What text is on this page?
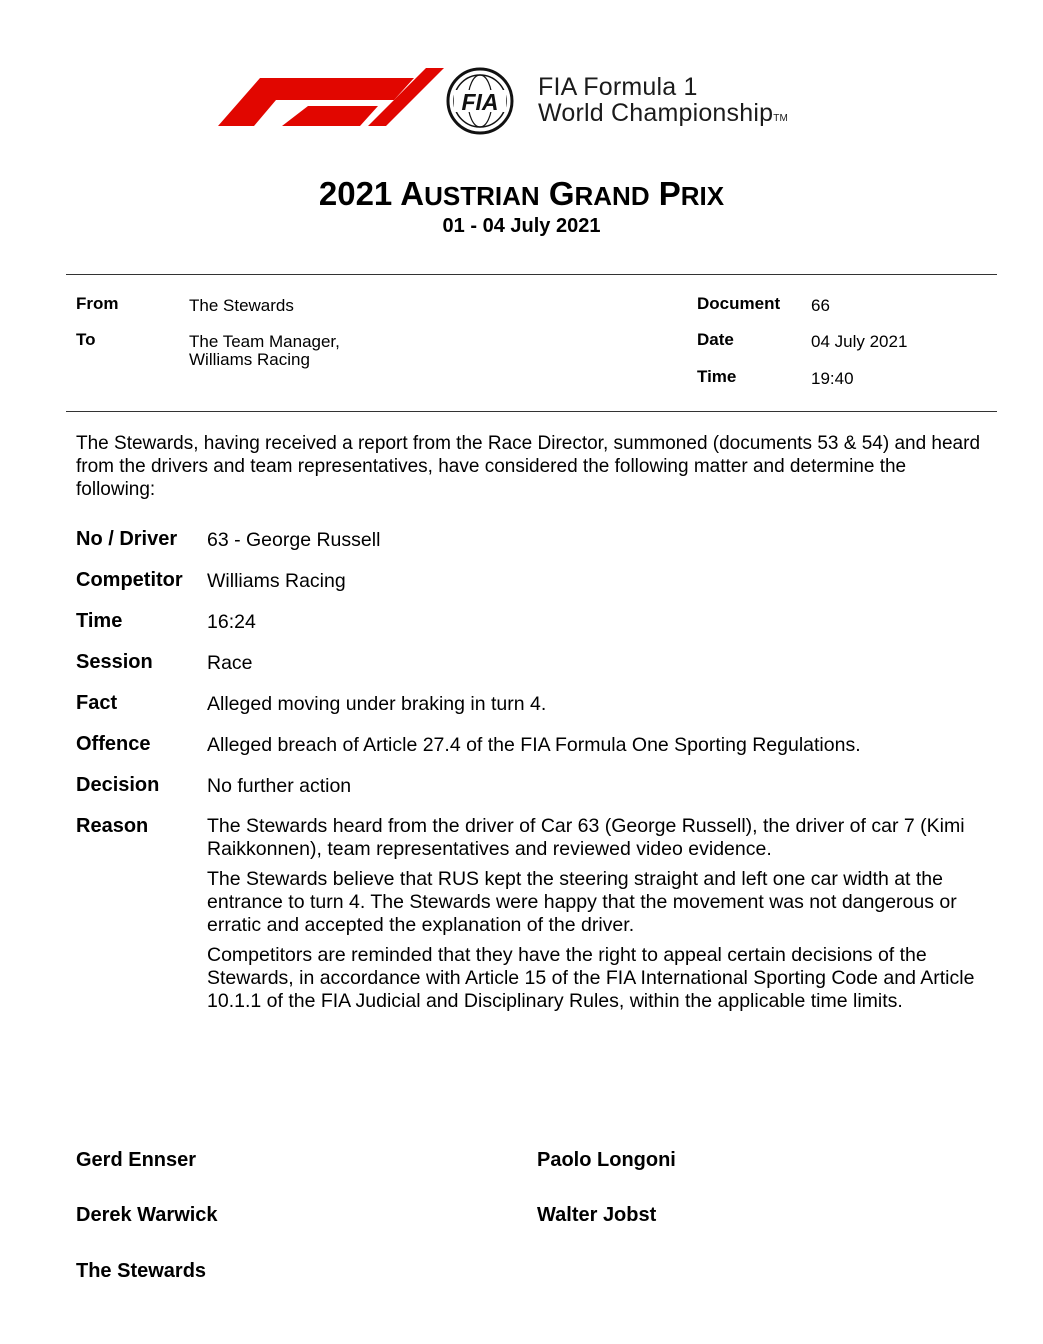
FIA
FIA Formula 1
World ChampionshipTM
2021 AUSTRIAN GRAND PRIX
01 - 04 July 2021
From	The Stewards
To	The Team Manager,
Williams Racing
Document 66
Date	04 July 2021
Time	19:40
The Stewards, having received a report from the Race Director, summoned (documents 53 & 54) and heard from the drivers and team representatives, have considered the following matter and determine the following:
No / Driver 63 - George Russell
Competitor Williams Racing
Time	16:24
Session	Race
Fact	Alleged moving under braking in turn 4.
Offence	Alleged breach of Article 27.4 of the FIA Formula One Sporting Regulations.
Decision No further action
Reason	The Stewards heard from the driver of Car 63 (George Russell), the driver of car 7 (Kimi Raikkonnen), team representatives and reviewed video evidence.

The Stewards believe that RUS kept the steering straight and left one car width at the entrance to turn 4. The Stewards were happy that the movement was not dangerous or erratic and accepted the explanation of the driver.

Competitors are reminded that they have the right to appeal certain decisions of the Stewards, in accordance with Article 15 of the FIA International Sporting Code and Article 10.1.1 of the FIA Judicial and Disciplinary Rules, within the applicable time limits.

Gerd Ennser	Paolo Longoni
Derek Warwick	Walter Jobst
The Stewards
